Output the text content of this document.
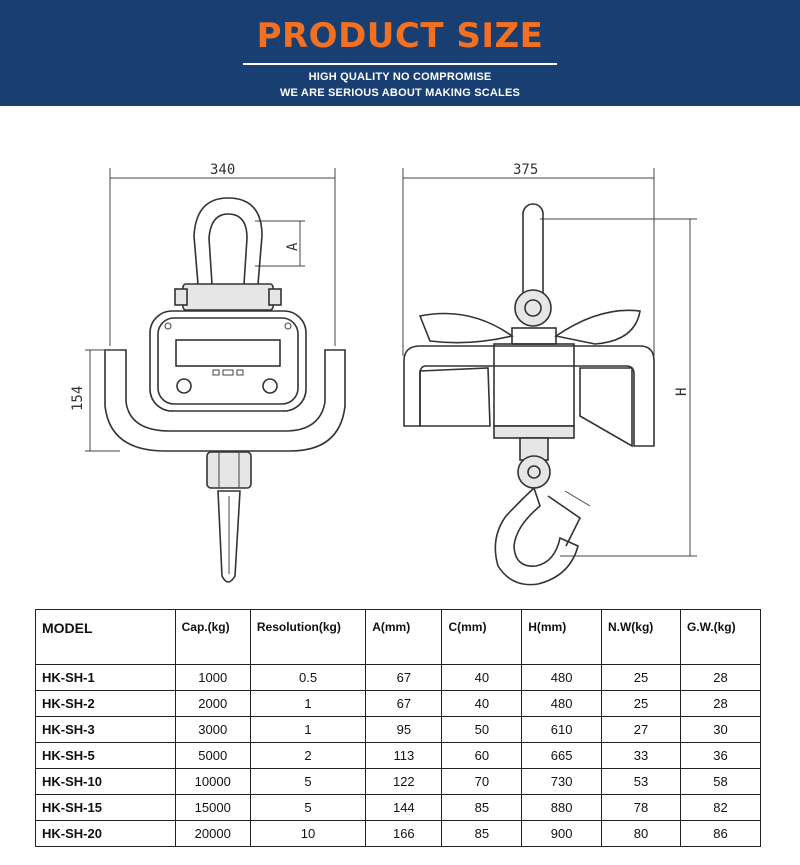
PRODUCT SIZE
HIGH QUALITY NO COMPROMISE
WE ARE SERIOUS ABOUT MAKING SCALES
340
A
154
375
H
MODEL	Cap.(kg)	Resolution(kg)	A(mm)	C(mm)	H(mm)	N.W(kg)	G.W.(kg)
HK-SH-1	1000	0.5	67	40	480	25	28
HK-SH-2	2000	1	67	40	480	25	28
HK-SH-3	3000	1	95	50	610	27	30
HK-SH-5	5000	2	113	60	665	33	36
HK-SH-10	10000	5	122	70	730	53	58
HK-SH-15	15000	5	144	85	880	78	82
HK-SH-20	20000	10	166	85	900	80	86
